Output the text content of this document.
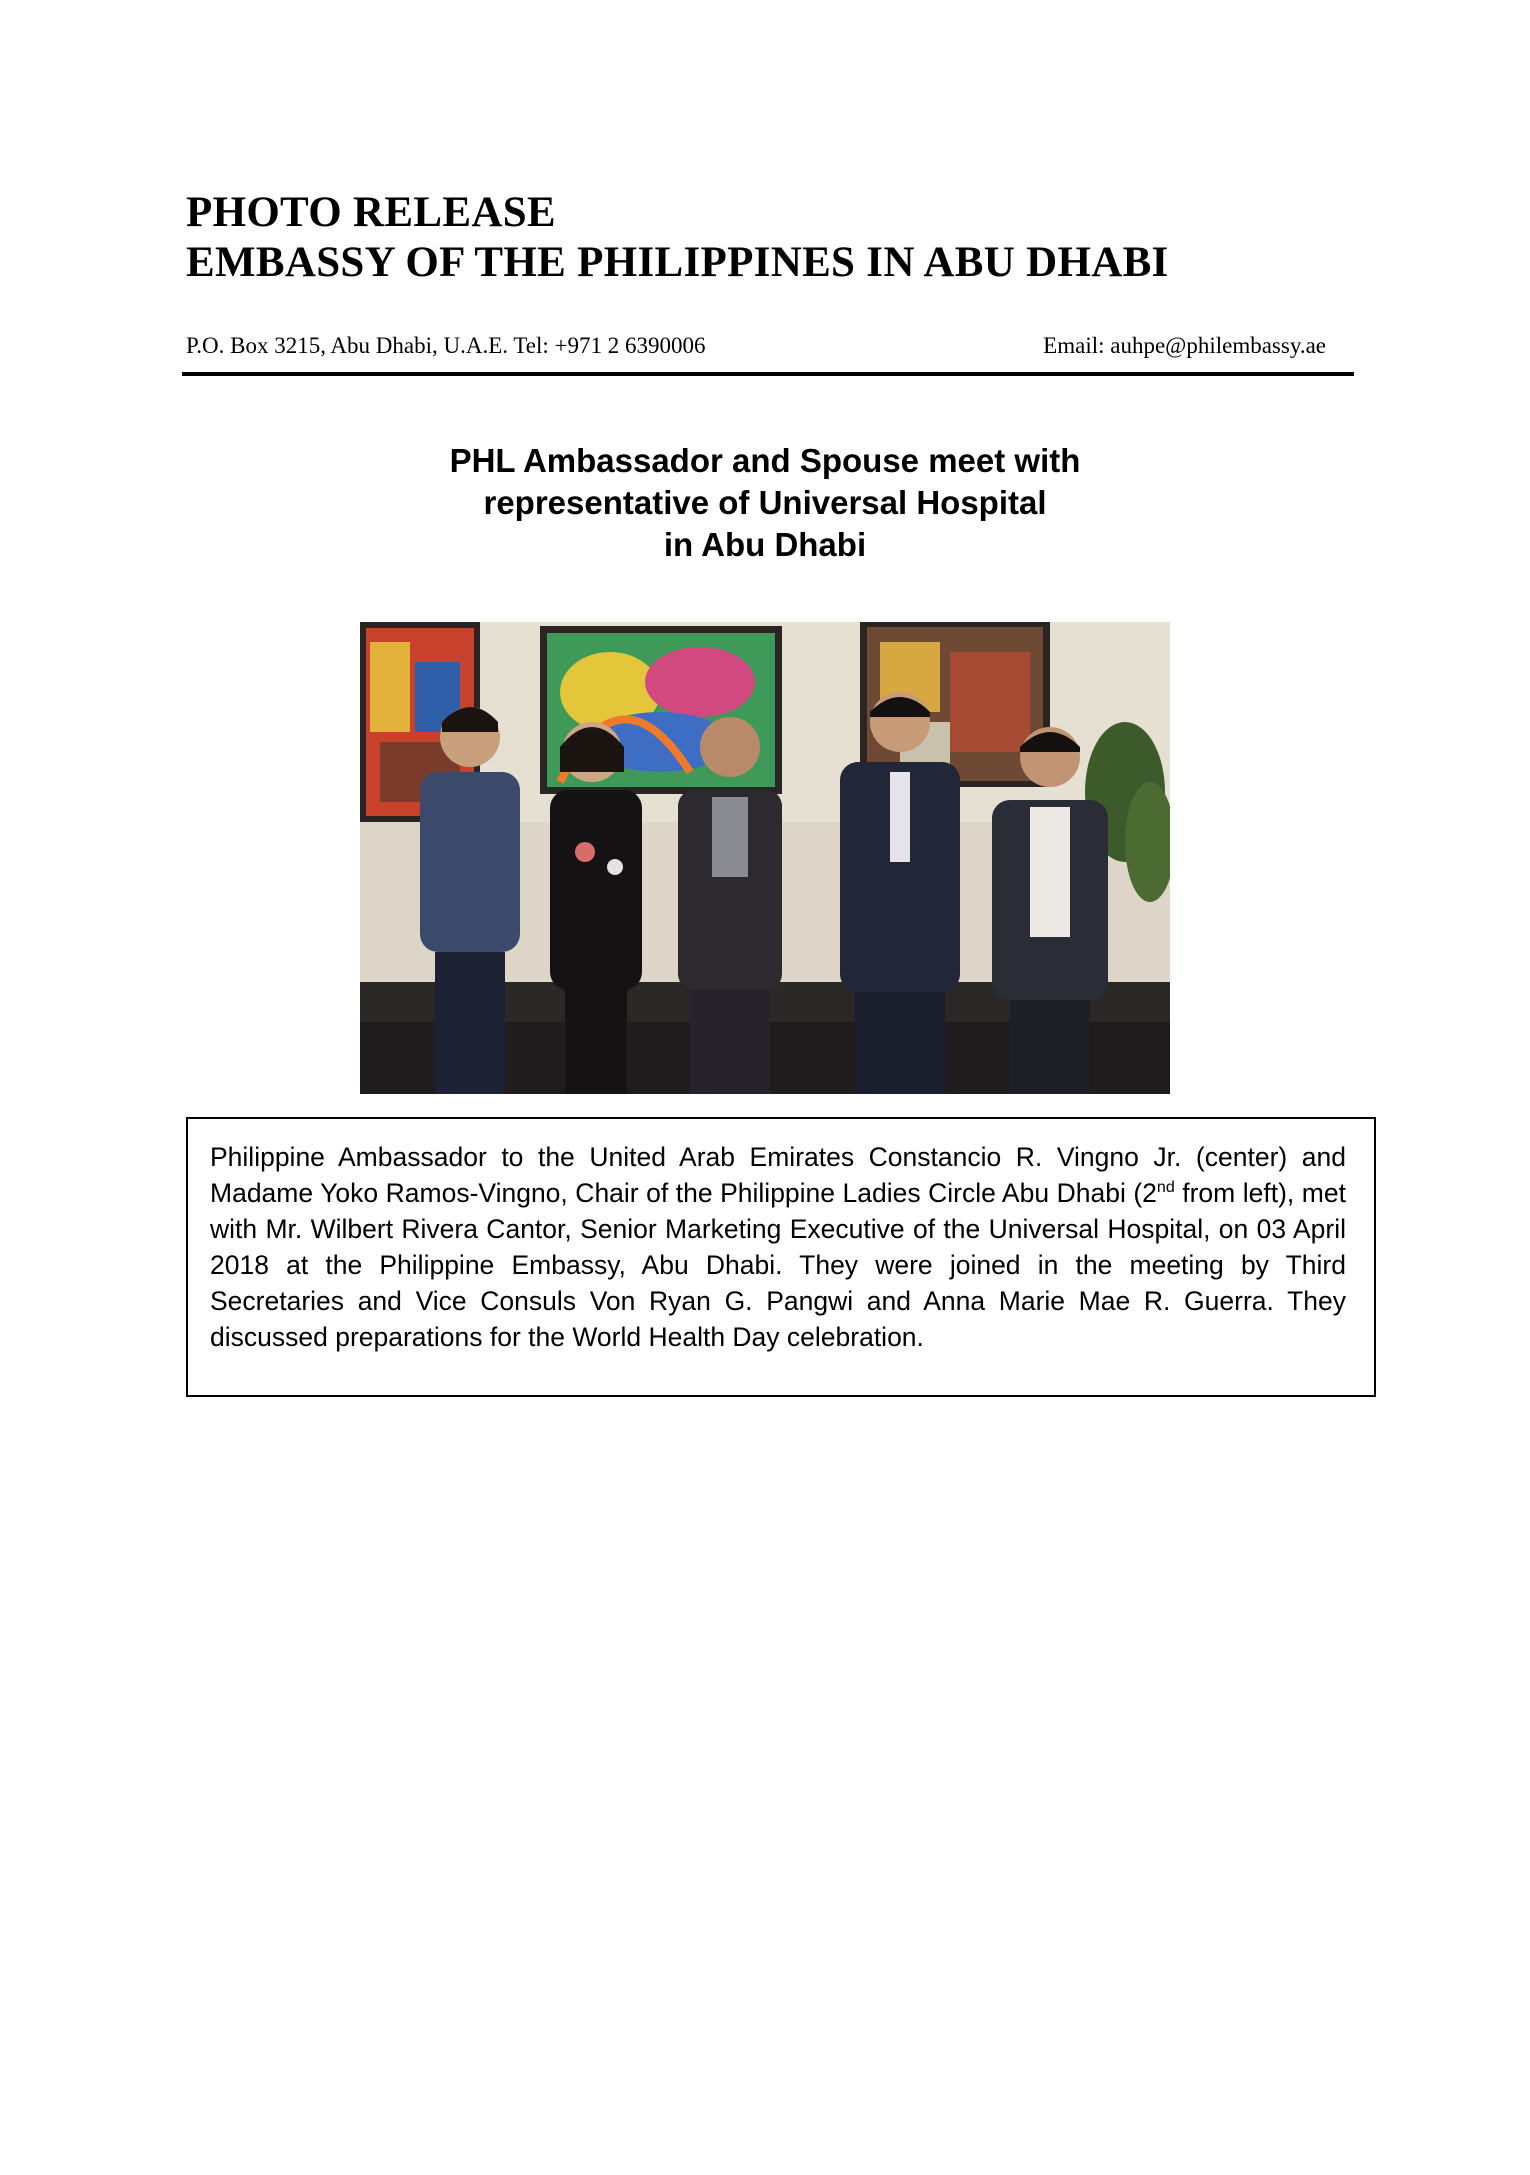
PHOTO RELEASE
EMBASSY OF THE PHILIPPINES IN ABU DHABI
P.O. Box 3215, Abu Dhabi, U.A.E. Tel: +971 2 6390006	Email: auhpe@philembassy.ae
PHL Ambassador and Spouse meet with
representative of Universal Hospital
in Abu Dhabi
Philippine Ambassador to the United Arab Emirates Constancio R. Vingno Jr. (center) and Madame Yoko Ramos-Vingno, Chair of the Philippine Ladies Circle Abu Dhabi (2nd from left), met with Mr. Wilbert Rivera Cantor, Senior Marketing Executive of the Universal Hospital, on 03 April 2018 at the Philippine Embassy, Abu Dhabi. They were joined in the meeting by Third Secretaries and Vice Consuls Von Ryan G. Pangwi and Anna Marie Mae R. Guerra. They discussed preparations for the World Health Day celebration.
